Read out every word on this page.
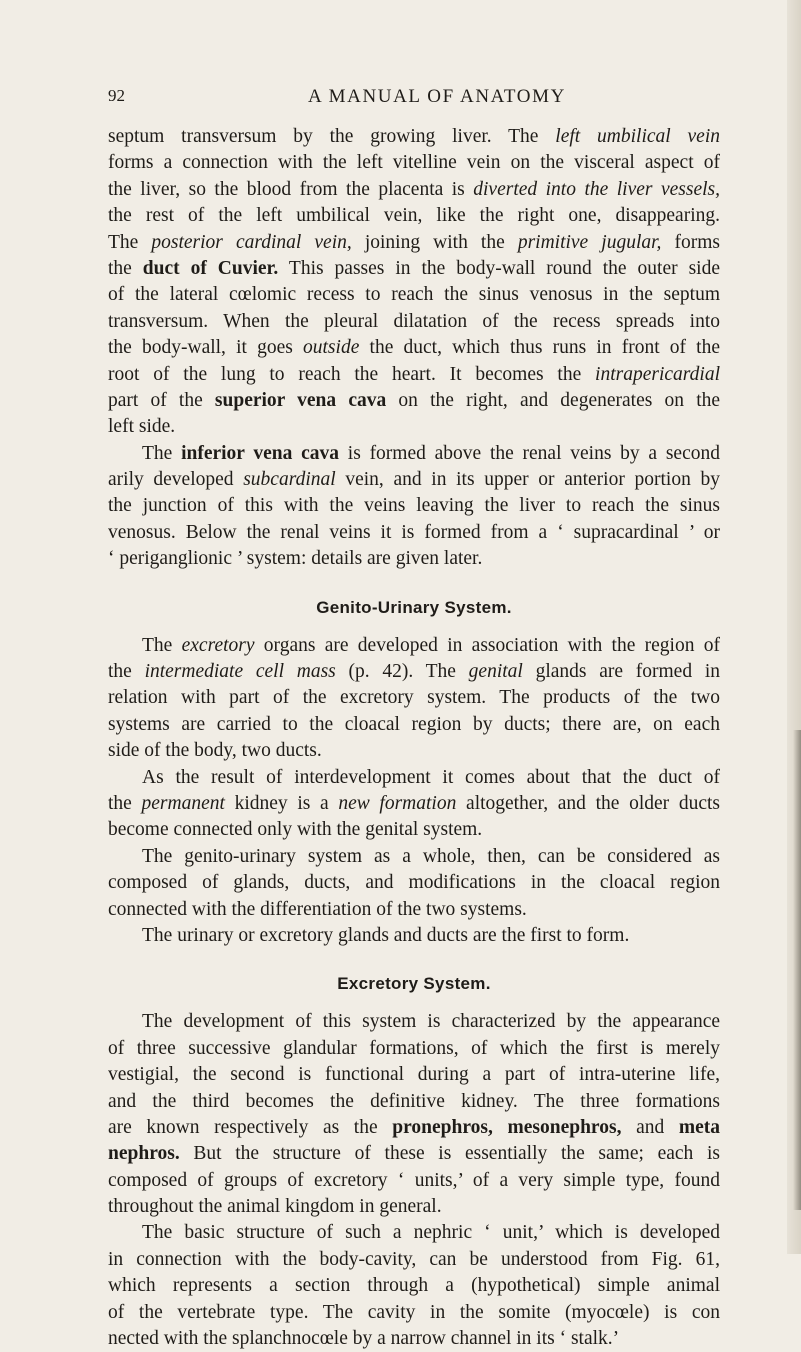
92	A MANUAL OF ANATOMY
septum transversum by the growing liver. The left umbilical vein
forms a connection with the left vitelline vein on the visceral aspect of
the liver, so the blood from the placenta is diverted into the liver vessels,
the rest of the left umbilical vein, like the right one, disappearing.
The posterior cardinal vein, joining with the primitive jugular, forms
the duct of Cuvier. This passes in the body-wall round the outer side
of the lateral cœlomic recess to reach the sinus venosus in the septum
transversum. When the pleural dilatation of the recess spreads into
the body-wall, it goes outside the duct, which thus runs in front of the
root of the lung to reach the heart. It becomes the intrapericardial
part of the superior vena cava on the right, and degenerates on the
left side.
The inferior vena cava is formed above the renal veins by a second
arily developed subcardinal vein, and in its upper or anterior portion by
the junction of this with the veins leaving the liver to reach the sinus
venosus. Below the renal veins it is formed from a ‘ supracardinal ’ or
‘ periganglionic ’ system: details are given later.
Genito-Urinary System.
The excretory organs are developed in association with the region of
the intermediate cell mass (p. 42). The genital glands are formed in
relation with part of the excretory system. The products of the two
systems are carried to the cloacal region by ducts; there are, on each
side of the body, two ducts.
As the result of interdevelopment it comes about that the duct of
the permanent kidney is a new formation altogether, and the older ducts
become connected only with the genital system.
The genito-urinary system as a whole, then, can be considered as
composed of glands, ducts, and modifications in the cloacal region
connected with the differentiation of the two systems.
The urinary or excretory glands and ducts are the first to form.
Excretory System.
The development of this system is characterized by the appearance
of three successive glandular formations, of which the first is merely
vestigial, the second is functional during a part of intra-uterine life,
and the third becomes the definitive kidney. The three formations
are known respectively as the pronephros, mesonephros, and meta
nephros. But the structure of these is essentially the same; each is
composed of groups of excretory ‘ units,’ of a very simple type, found
throughout the animal kingdom in general.
The basic structure of such a nephric ‘ unit,’ which is developed
in connection with the body-cavity, can be understood from Fig. 61,
which represents a section through a (hypothetical) simple animal
of the vertebrate type. The cavity in the somite (myocœle) is con
nected with the splanchnocœle by a narrow channel in its ‘ stalk.’
